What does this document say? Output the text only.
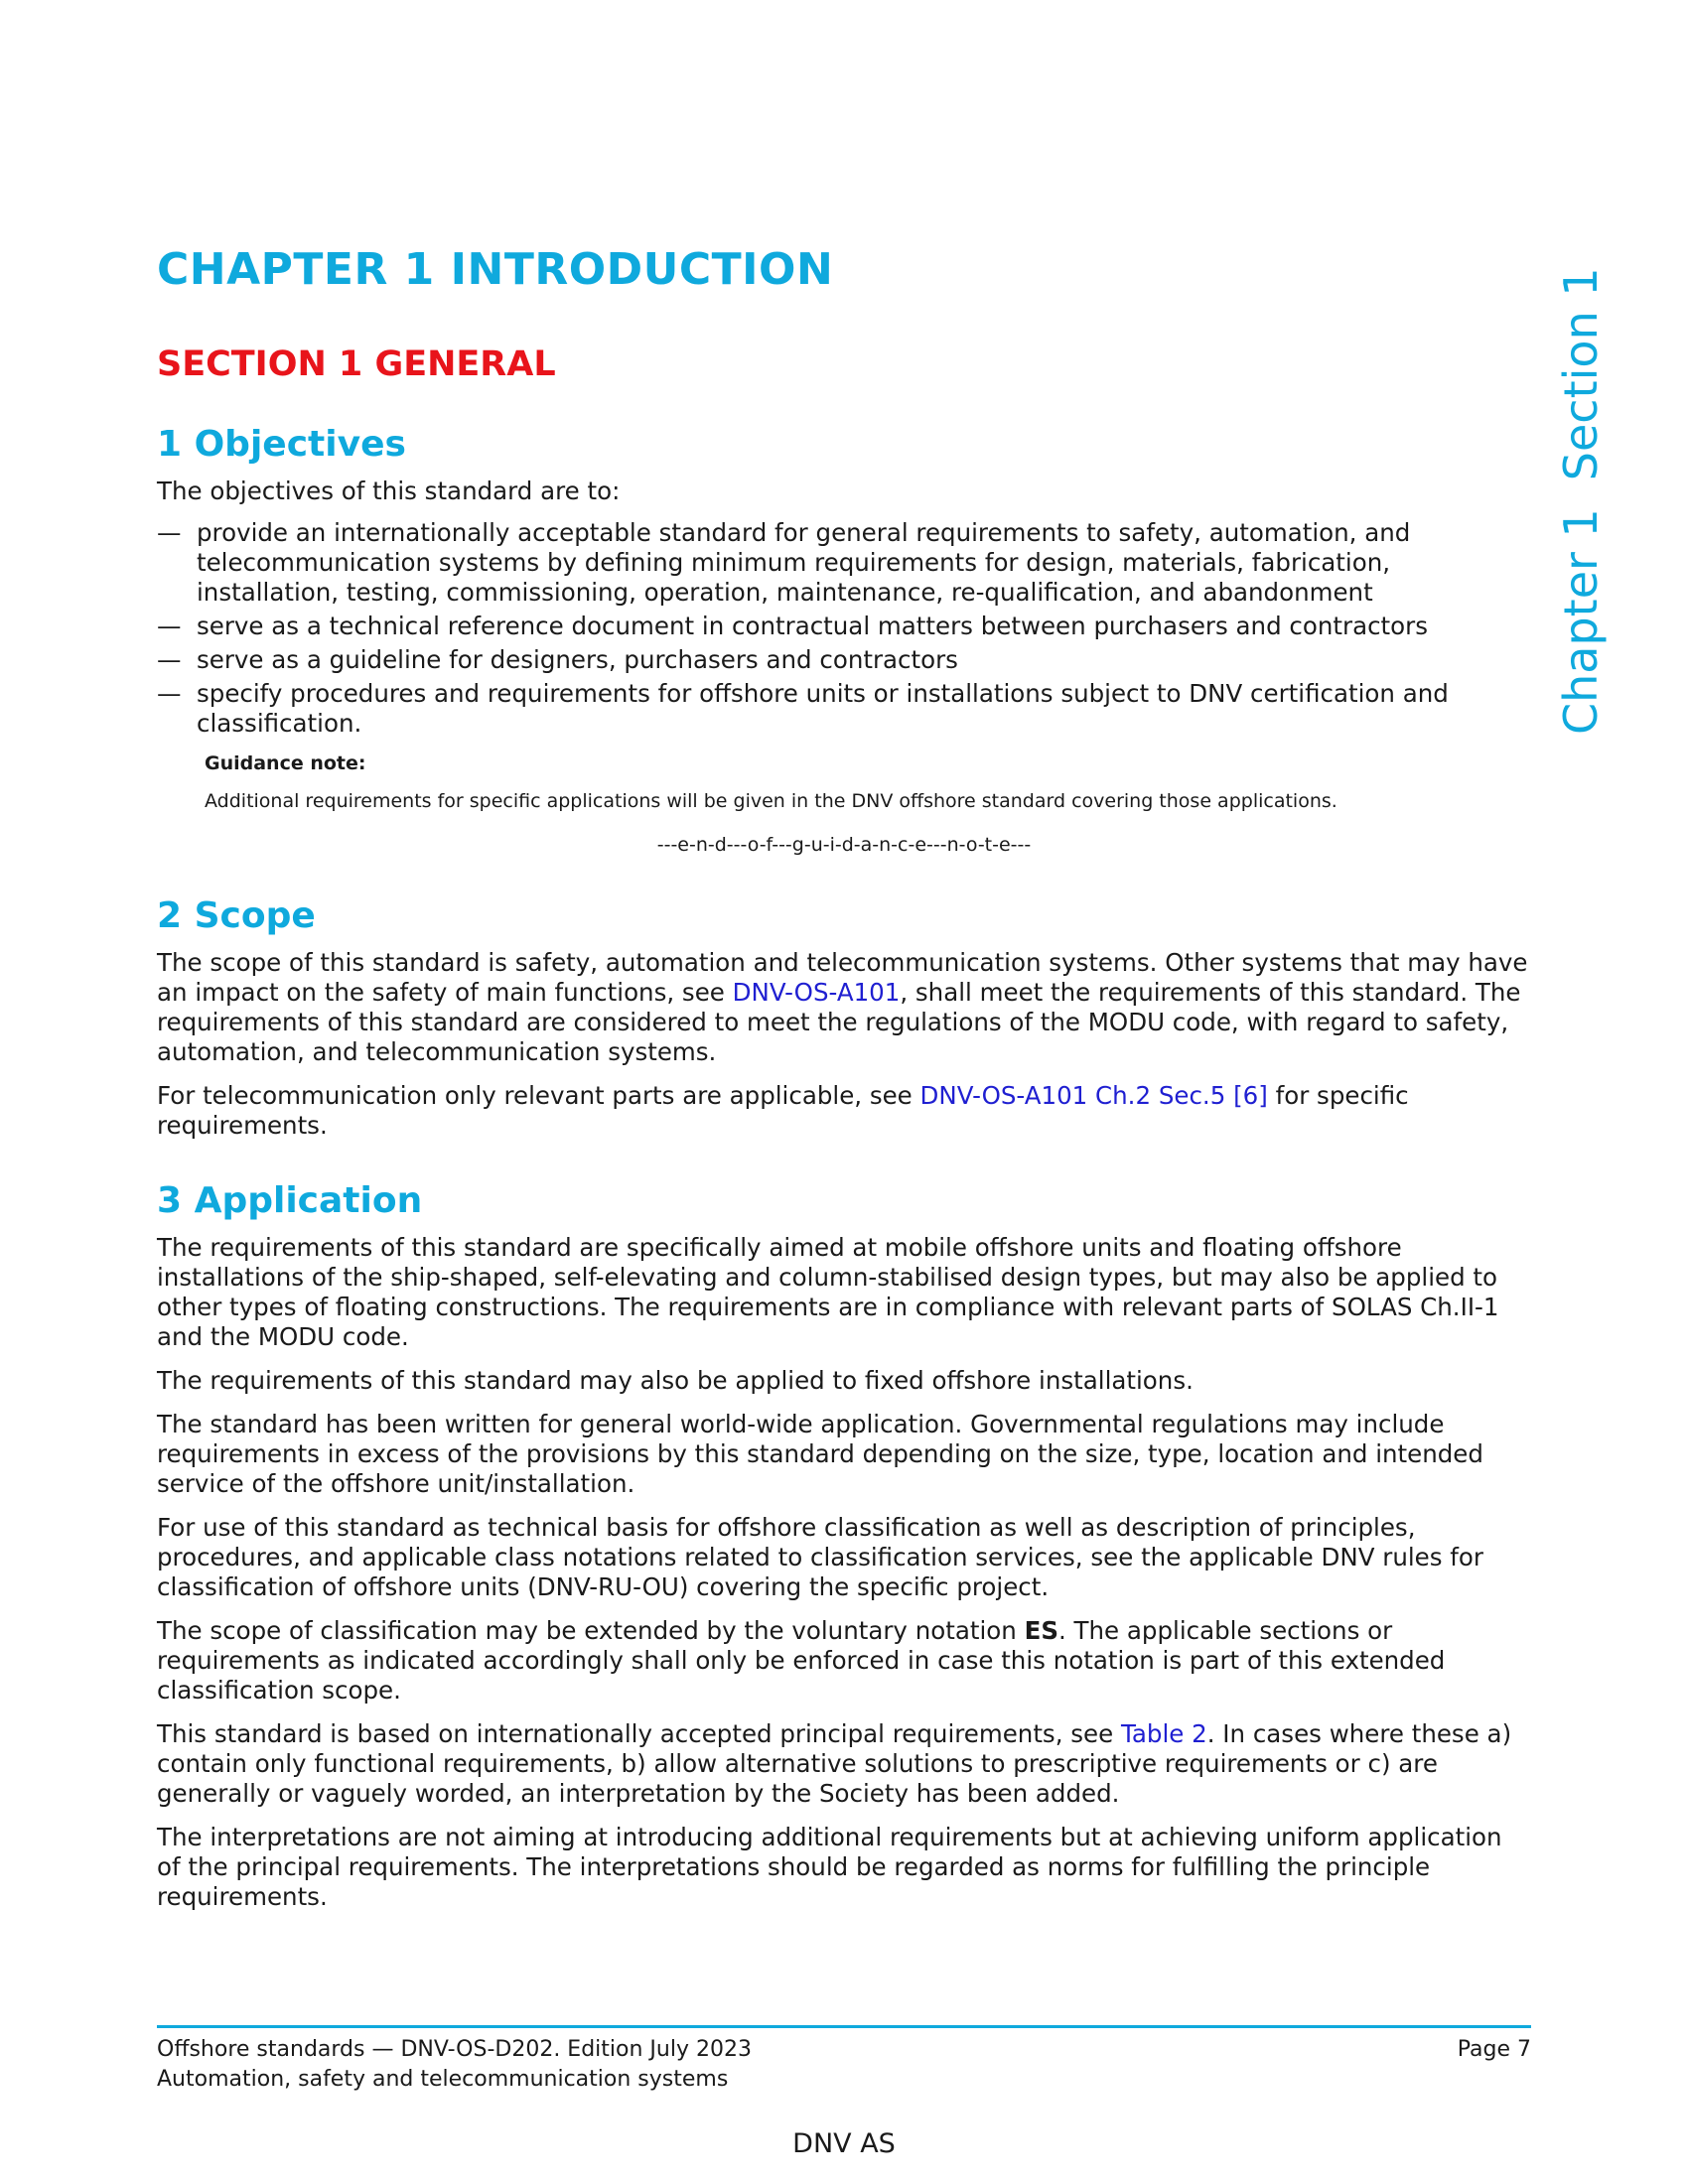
Chapter 1Section 1
CHAPTER 1 INTRODUCTION
SECTION 1 GENERAL
1 Objectives

The objectives of this standard are to:

— provide an internationally acceptable standard for general requirements to safety, automation, and telecommunication systems by defining minimum requirements for design, materials, fabrication, installation, testing, commissioning, operation, maintenance, re-qualification, and abandonment
— serve as a technical reference document in contractual matters between purchasers and contractors
— serve as a guideline for designers, purchasers and contractors
— specify procedures and requirements for offshore units or installations subject to DNV certification and classification.
Guidance note:
Additional requirements for specific applications will be given in the DNV offshore standard covering those applications.
---e-n-d---o-f---g-u-i-d-a-n-c-e---n-o-t-e---
2 Scope

The scope of this standard is safety, automation and telecommunication systems. Other systems that may have an impact on the safety of main functions, see DNV-OS-A101, shall meet the requirements of this standard. The requirements of this standard are considered to meet the regulations of the MODU code, with regard to safety, automation, and telecommunication systems.

For telecommunication only relevant parts are applicable, see DNV-OS-A101 Ch.2 Sec.5 [6] for specific requirements.

3 Application

The requirements of this standard are specifically aimed at mobile offshore units and floating offshore installations of the ship-shaped, self-elevating and column-stabilised design types, but may also be applied to other types of floating constructions. The requirements are in compliance with relevant parts of SOLAS Ch.II-1 and the MODU code.

The requirements of this standard may also be applied to fixed offshore installations.

The standard has been written for general world-wide application. Governmental regulations may include requirements in excess of the provisions by this standard depending on the size, type, location and intended service of the offshore unit/installation.

For use of this standard as technical basis for offshore classification as well as description of principles, procedures, and applicable class notations related to classification services, see the applicable DNV rules for classification of offshore units (DNV-RU-OU) covering the specific project.

The scope of classification may be extended by the voluntary notation ES. The applicable sections or requirements as indicated accordingly shall only be enforced in case this notation is part of this extended classification scope.

This standard is based on internationally accepted principal requirements, see Table 2. In cases where these a) contain only functional requirements, b) allow alternative solutions to prescriptive requirements or c) are generally or vaguely worded, an interpretation by the Society has been added.

The interpretations are not aiming at introducing additional requirements but at achieving uniform application of the principal requirements. The interpretations should be regarded as norms for fulfilling the principle requirements.

Offshore standards — DNV-OS-D202. Edition July 2023
Automation, safety and telecommunication systems
Page 7
DNV AS
